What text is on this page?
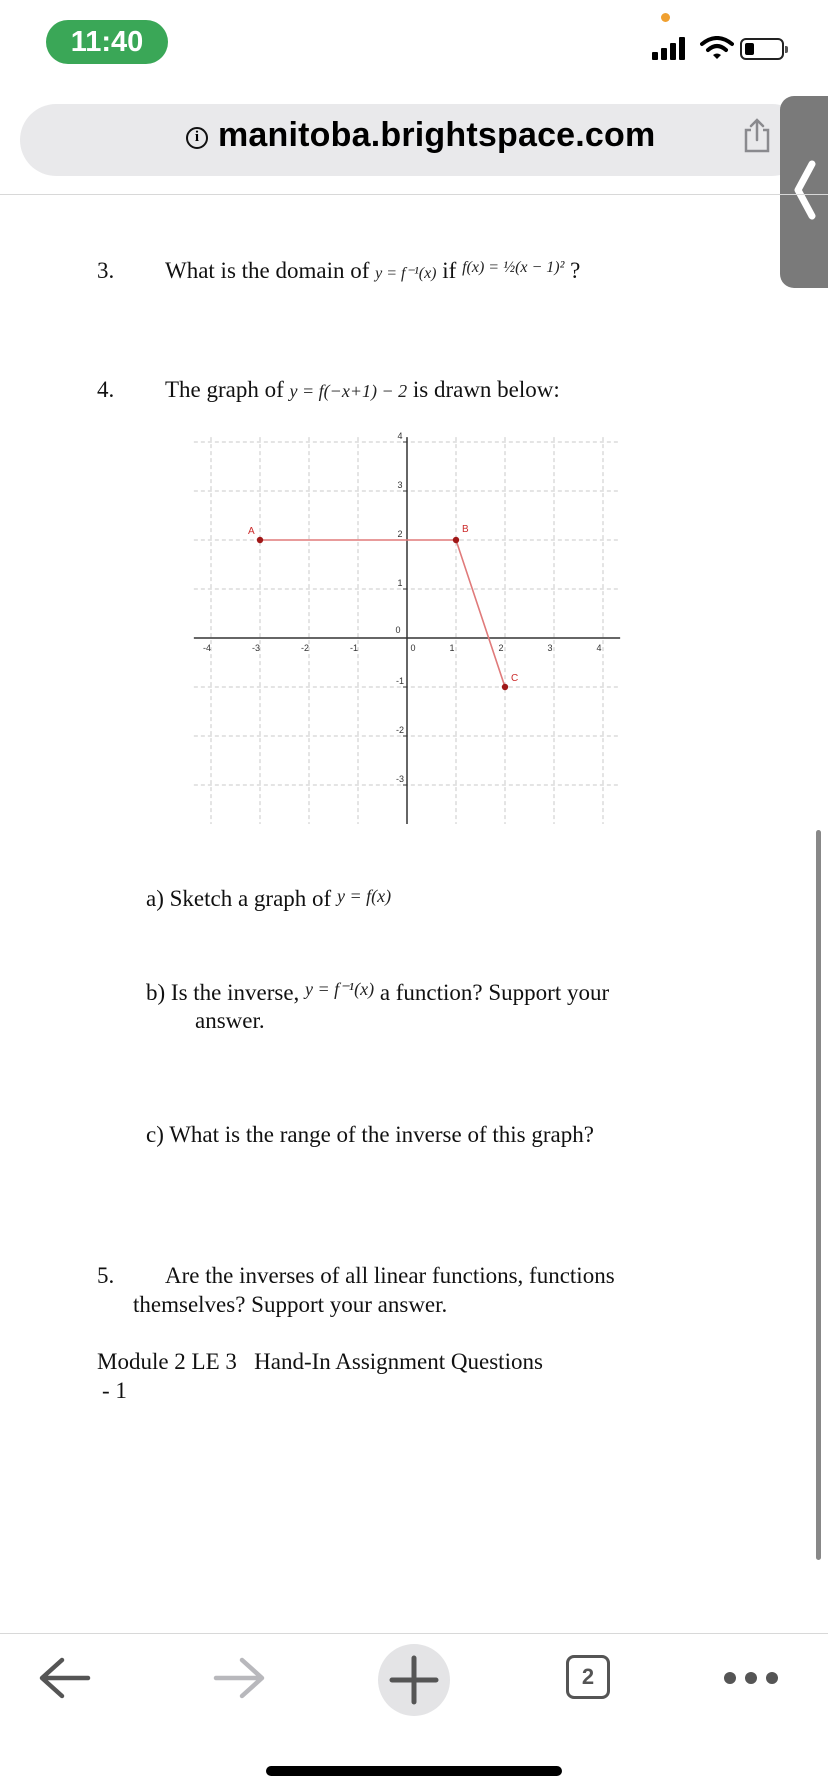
11:40
i manitoba.brightspace.com
3. What is the domain of y = f⁻¹(x) if $^{f(x) = \frac{1}{2}(x - 1)^2}$ ?
4. The graph of y = f(−x+1) − 2 is drawn below:
-4	-3	-2	-1	0	1	2	3	4
-3
-2
-1
0
1
2
3
4
A	B
C
a) Sketch a graph of y = f(x)
b) Is the inverse, $^{y = f^{-1}(x)}$ a function? Support your
answer.
c) What is the range of the inverse of this graph?
5. Are the inverses of all linear functions, functions
themselves? Support your answer.
Module 2 LE 3   Hand-In Assignment Questions
- 1
2
